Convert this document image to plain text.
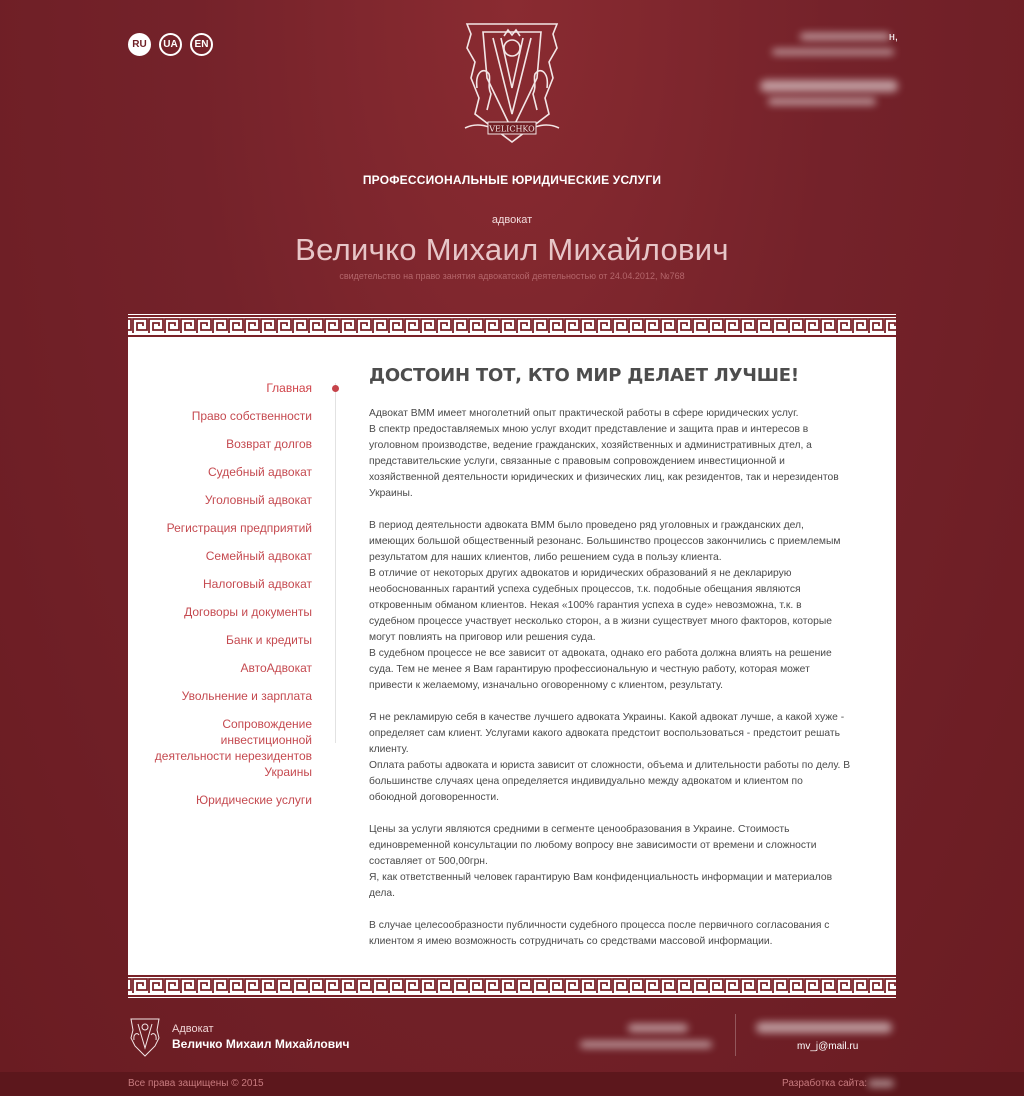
RU	UA	EN
VELICHKO
н,
ПРОФЕССИОНАЛЬНЫЕ ЮРИДИЧЕСКИЕ УСЛУГИ
адвокат
Величко Михаил Михайлович
свидетельство на право занятия адвокатской деятельностью от 24.04.2012, №768
Главная
Право собственности
Возврат долгов
Судебный адвокат
Уголовный адвокат
Регистрация предприятий
Семейный адвокат
Налоговый адвокат
Договоры и документы
Банк и кредиты
АвтоАдвокат
Увольнение и зарплата
Сопровождение инвестиционной деятельности нерезидентов Украины
Юридические услуги
ДОСТОИН ТОТ, КТО МИР ДЕЛАЕТ ЛУЧШЕ!
Адвокат ВММ имеет многолетний опыт практической работы в сфере юридических услуг.
В спектр предоставляемых мною услуг входит представление и защита прав и интересов в
уголовном производстве, ведение гражданских, хозяйственных и административных дтел, а
представительские услуги, связанные с правовым сопровождением инвестиционной и
хозяйственной деятельности юридических и физических лиц, как резидентов, так и нерезидентов
Украины.
В период деятельности адвоката ВММ было проведено ряд уголовных и гражданских дел,
имеющих большой общественный резонанс. Большинство процессов закончились с приемлемым
результатом для наших клиентов, либо решением суда в пользу клиента.
В отличие от некоторых других адвокатов и юридических образований я не декларирую
необоснованных гарантий успеха судебных процессов, т.к. подобные обещания являются
откровенным обманом клиентов. Некая «100% гарантия успеха в суде» невозможна, т.к. в
судебном процессе участвует несколько сторон, а в жизни существует много факторов, которые
могут повлиять на приговор или решения суда.
В судебном процессе не все зависит от адвоката, однако его работа должна влиять на решение
суда. Тем не менее я Вам гарантирую профессиональную и честную работу, которая может
привести к желаемому, изначально оговоренному с клиентом, результату.
Я не рекламирую себя в качестве лучшего адвоката Украины. Какой адвокат лучше, а какой хуже -
определяет сам клиент. Услугами какого адвоката предстоит воспользоваться - предстоит решать
клиенту.
Оплата работы адвоката и юриста зависит от сложности, объема и длительности работы по делу. В
большинстве случаях цена определяется индивидуально между адвокатом и клиентом по
обоюдной договоренности.
Цены за услуги являются средними в сегменте ценообразования в Украине. Стоимость
единовременной консультации по любому вопросу вне зависимости от времени и сложности
составляет от 500,00грн.
Я, как ответственный человек гарантирую Вам конфиденциальность информации и материалов
дела.
В случае целесообразности публичности судебного процесса после первичного согласования с
клиентом я имею возможность сотрудничать со средствами массовой информации.
Адвокат
Величко Михаил Михайлович	mv_j@mail.ru
Все права защищены © 2015	Разработка сайта:
